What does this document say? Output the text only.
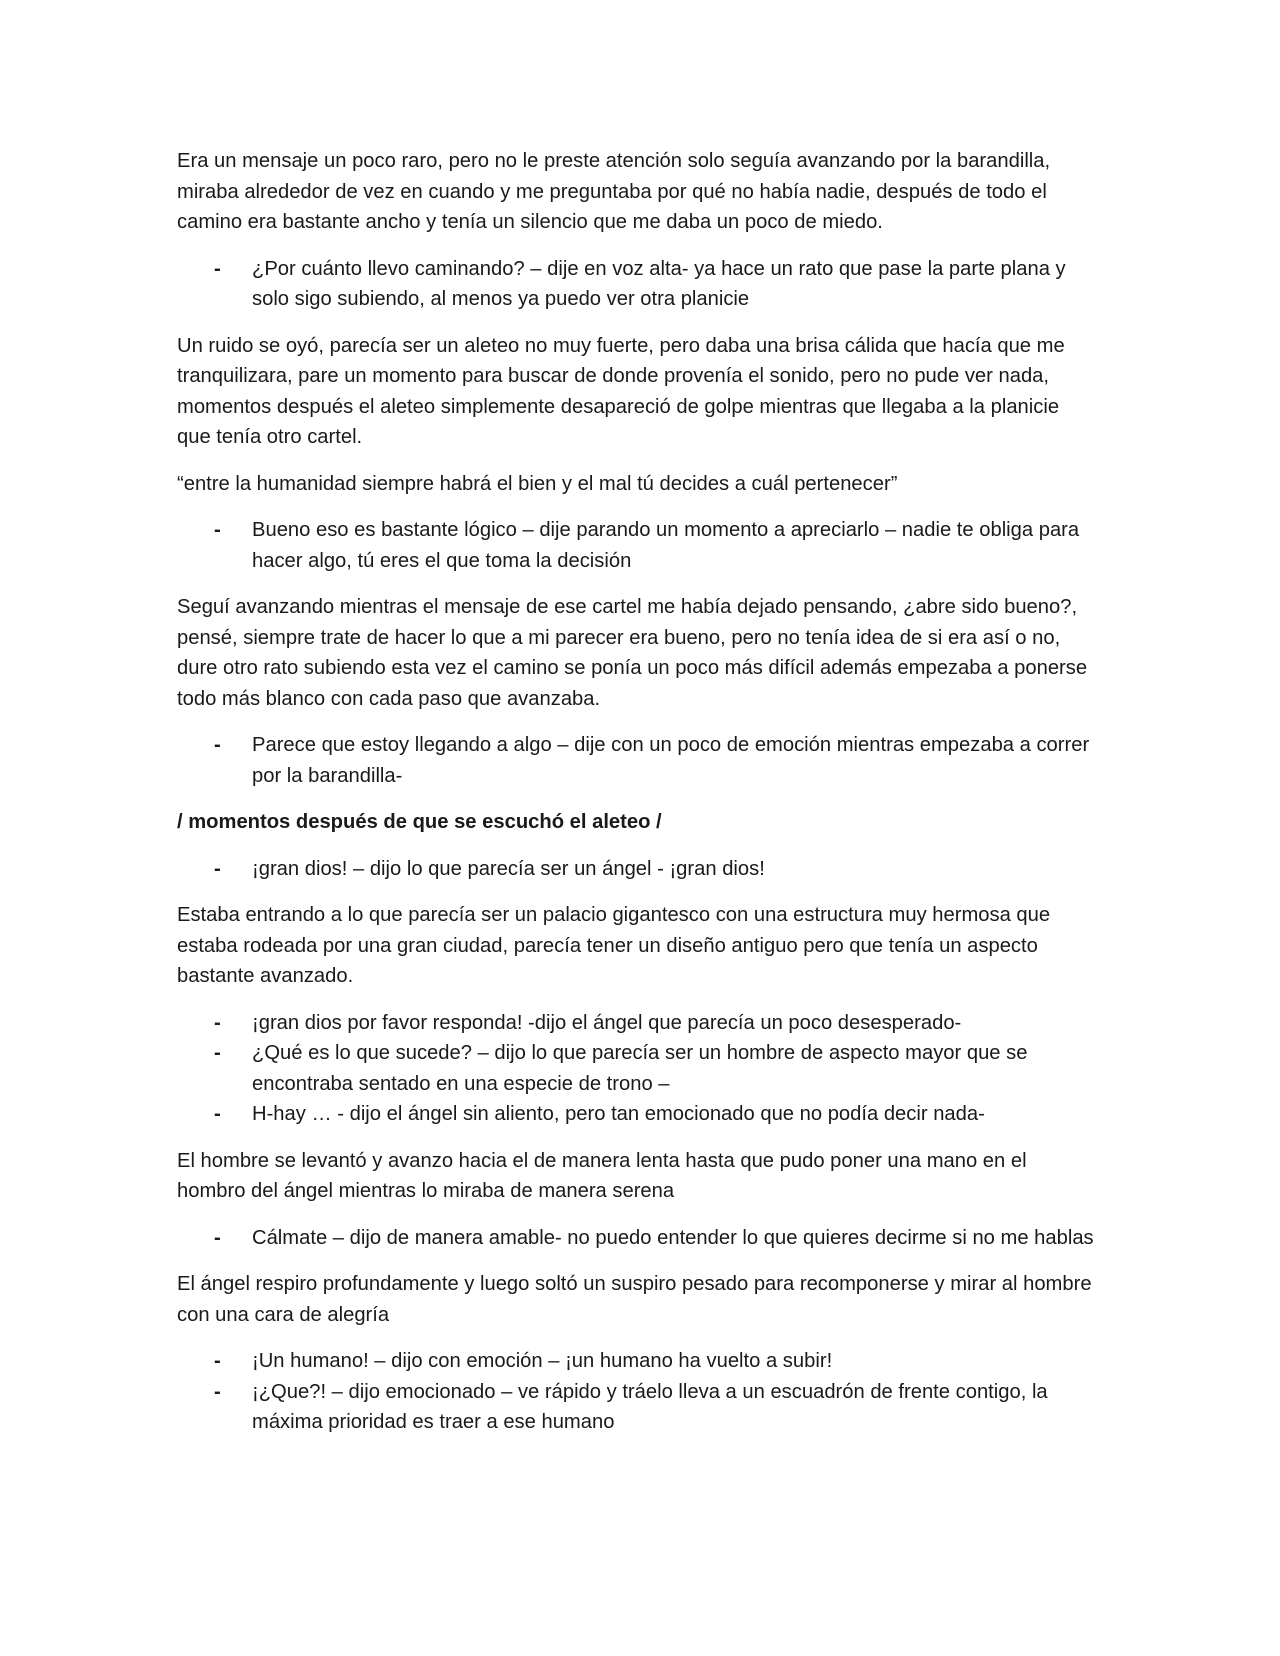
Era un mensaje un poco raro, pero no le preste atención solo seguía avanzando por la barandilla, miraba alrededor de vez en cuando y me preguntaba por qué no había nadie, después de todo el camino era bastante ancho y tenía un silencio que me daba un poco de miedo.

- ¿Por cuánto llevo caminando? – dije en voz alta- ya hace un rato que pase la parte plana y solo sigo subiendo, al menos ya puedo ver otra planicie

Un ruido se oyó, parecía ser un aleteo no muy fuerte, pero daba una brisa cálida que hacía que me tranquilizara, pare un momento para buscar de donde provenía el sonido, pero no pude ver nada, momentos después el aleteo simplemente desapareció de golpe mientras que llegaba a la planicie que tenía otro cartel.

“entre la humanidad siempre habrá el bien y el mal tú decides a cuál pertenecer”

- Bueno eso es bastante lógico – dije parando un momento a apreciarlo – nadie te obliga para hacer algo, tú eres el que toma la decisión

Seguí avanzando mientras el mensaje de ese cartel me había dejado pensando, ¿abre sido bueno?, pensé, siempre trate de hacer lo que a mi parecer era bueno, pero no tenía idea de si era así o no, dure otro rato subiendo esta vez el camino se ponía un poco más difícil además empezaba a ponerse todo más blanco con cada paso que avanzaba.

- Parece que estoy llegando a algo – dije con un poco de emoción mientras empezaba a correr por la barandilla-

/ momentos después de que se escuchó el aleteo /

- ¡gran dios! – dijo lo que parecía ser un ángel - ¡gran dios!

Estaba entrando a lo que parecía ser un palacio gigantesco con una estructura muy hermosa que estaba rodeada por una gran ciudad, parecía tener un diseño antiguo pero que tenía un aspecto bastante avanzado.

- ¡gran dios por favor responda! -dijo el ángel que parecía un poco desesperado-
- ¿Qué es lo que sucede? – dijo lo que parecía ser un hombre de aspecto mayor que se encontraba sentado en una especie de trono –
- H-hay … - dijo el ángel sin aliento, pero tan emocionado que no podía decir nada-

El hombre se levantó y avanzo hacia el de manera lenta hasta que pudo poner una mano en el hombro del ángel mientras lo miraba de manera serena

- Cálmate – dijo de manera amable- no puedo entender lo que quieres decirme si no me hablas

El ángel respiro profundamente y luego soltó un suspiro pesado para recomponerse y mirar al hombre con una cara de alegría

- ¡Un humano! – dijo con emoción – ¡un humano ha vuelto a subir!
- ¡¿Que?! – dijo emocionado – ve rápido y tráelo lleva a un escuadrón de frente contigo, la máxima prioridad es traer a ese humano
